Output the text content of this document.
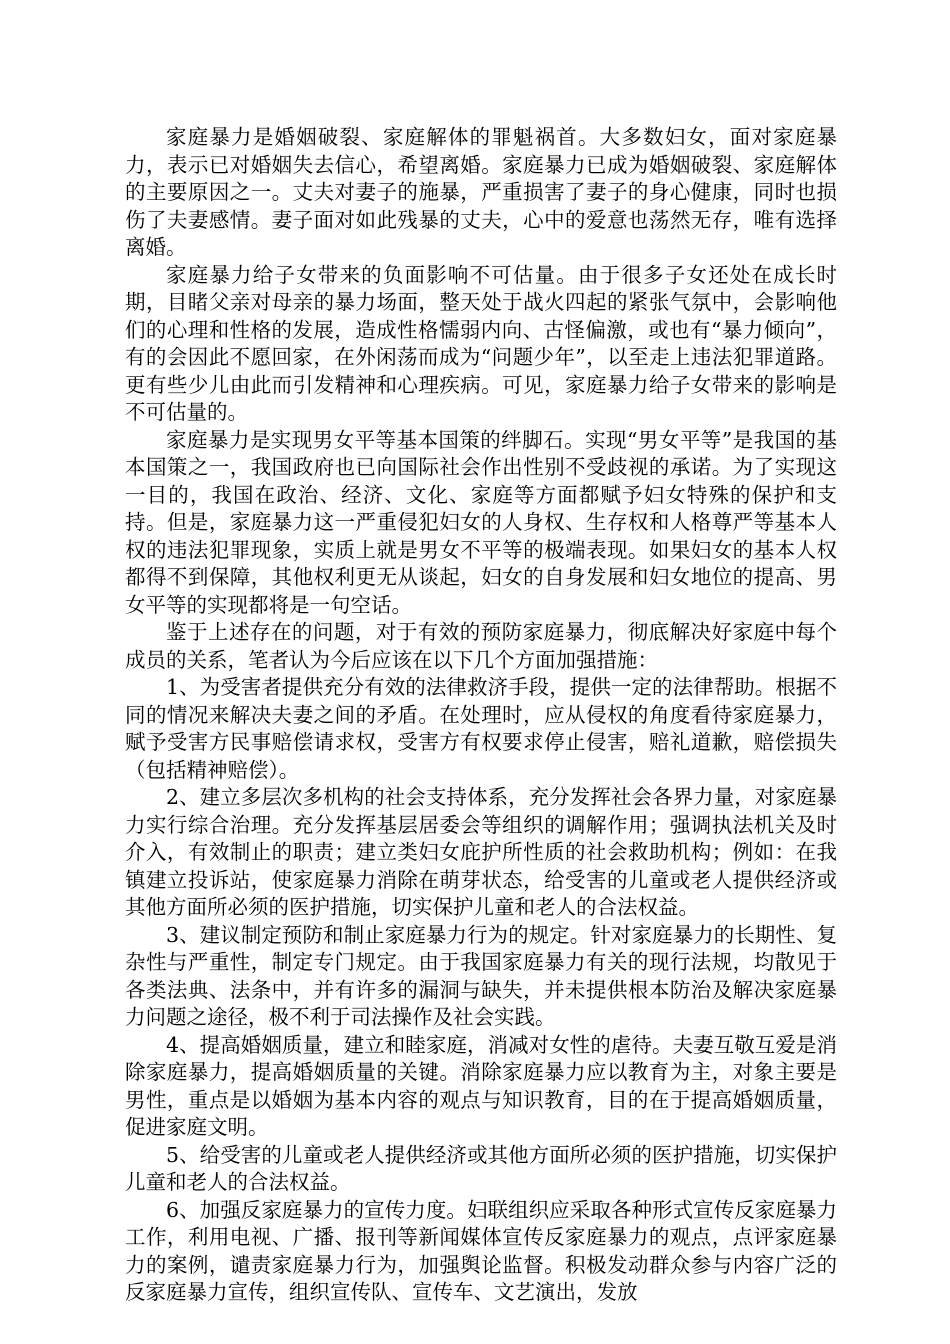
家庭暴力是婚姻破裂、家庭解体的罪魁祸首。大多数妇女，面对家庭暴力，表示已对婚姻失去信心，希望离婚。家庭暴力已成为婚姻破裂、家庭解体的主要原因之一。丈夫对妻子的施暴，严重损害了妻子的身心健康，同时也损伤了夫妻感情。妻子面对如此残暴的丈夫，心中的爱意也荡然无存，唯有选择离婚。

家庭暴力给子女带来的负面影响不可估量。由于很多子女还处在成长时期，目睹父亲对母亲的暴力场面，整天处于战火四起的紧张气氛中，会影响他们的心理和性格的发展，造成性格懦弱内向、古怪偏激，或也有“暴力倾向”，有的会因此不愿回家，在外闲荡而成为“问题少年”，以至走上违法犯罪道路。更有些少儿由此而引发精神和心理疾病。可见，家庭暴力给子女带来的影响是不可估量的。

家庭暴力是实现男女平等基本国策的绊脚石。实现“男女平等”是我国的基本国策之一，我国政府也已向国际社会作出性别不受歧视的承诺。为了实现这一目的，我国在政治、经济、文化、家庭等方面都赋予妇女特殊的保护和支持。但是，家庭暴力这一严重侵犯妇女的人身权、生存权和人格尊严等基本人权的违法犯罪现象，实质上就是男女不平等的极端表现。如果妇女的基本人权都得不到保障，其他权利更无从谈起，妇女的自身发展和妇女地位的提高、男女平等的实现都将是一句空话。

鉴于上述存在的问题，对于有效的预防家庭暴力，彻底解决好家庭中每个成员的关系，笔者认为今后应该在以下几个方面加强措施：

1、为受害者提供充分有效的法律救济手段，提供一定的法律帮助。根据不同的情况来解决夫妻之间的矛盾。在处理时，应从侵权的角度看待家庭暴力，赋予受害方民事赔偿请求权，受害方有权要求停止侵害，赔礼道歉，赔偿损失（包括精神赔偿）。

2、建立多层次多机构的社会支持体系，充分发挥社会各界力量，对家庭暴力实行综合治理。充分发挥基层居委会等组织的调解作用；强调执法机关及时介入，有效制止的职责；建立类妇女庇护所性质的社会救助机构；例如：在我镇建立投诉站，使家庭暴力消除在萌芽状态，给受害的儿童或老人提供经济或其他方面所必须的医护措施，切实保护儿童和老人的合法权益。

3、建议制定预防和制止家庭暴力行为的规定。针对家庭暴力的长期性、复杂性与严重性，制定专门规定。由于我国家庭暴力有关的现行法规，均散见于各类法典、法条中，并有许多的漏洞与缺失，并未提供根本防治及解决家庭暴力问题之途径，极不利于司法操作及社会实践。

4、提高婚姻质量，建立和睦家庭，消减对女性的虐待。夫妻互敬互爱是消除家庭暴力，提高婚姻质量的关键。消除家庭暴力应以教育为主，对象主要是男性，重点是以婚姻为基本内容的观点与知识教育，目的在于提高婚姻质量，促进家庭文明。

5、给受害的儿童或老人提供经济或其他方面所必须的医护措施，切实保护儿童和老人的合法权益。

6、加强反家庭暴力的宣传力度。妇联组织应采取各种形式宣传反家庭暴力工作，利用电视、广播、报刊等新闻媒体宣传反家庭暴力的观点，点评家庭暴力的案例，谴责家庭暴力行为，加强舆论监督。积极发动群众参与内容广泛的反家庭暴力宣传，组织宣传队、宣传车、文艺演出，发放
